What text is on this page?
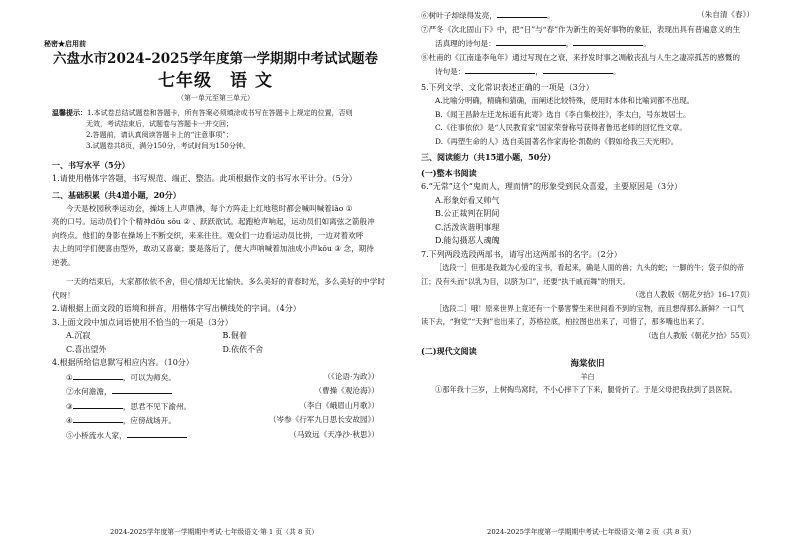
秘密★启用前
六盘水市2024–2025学年度第一学期期中考试试题卷
七年级　语 文
（第一单元至第三单元）
温馨提示：1.本试卷总结试题卷和答题卡，所有答案必须填涂或书写在答题卡上规定的位置，否则
无效，考试结束后，试题卷与答题卡一并交回；
2.答题前，请认真阅读答题卡上的“注意事项”；
3.试题卷共8页，满分150分，考试时间为150分钟。
一、书写水平（5分）
1.请使用楷体字答题，书写规范、端正、整洁。此项根据作文的书写水平计分。（5分）
二、基础积累（共4道小题，20分）
今天是校园秋季运动会，操场上人声鼎沸，每个方阵走上红地毯时都会喊叫喊着lǎo ①
亮的口号。运动员们个个精神dǒu sǒu ② 、跃跃欲试。起跑枪声响起，运动员们如离弦之箭般冲
向终点。他们的身影在操场上不断交织，来来往往。观众们一边看运动员比拼，一边对着欢呼
去上的同学们便喜由型外，敢动又喜豪；要是落后了，便大声呐喊着加油成小声kǒu ③ 念，期待
逆袭。
一天的结束后，大家都依依不舍，但心情却无比愉快。多么美好的青春时光，多么美好的中学时
代呀！
2.请根据上面文段的语境和拼音，用楷体字写出横线处的字词。（4分）
3.上面文段中加点词语使用不恰当的一项是（3分）
A.沉寂	B.倔着
C.喜出望外	D.依依不舍
4.根据所给信息默写相应内容。（10分）
①	，可以为师矣。	（《论语·为政》）
②水何澹澹，	（曹操《观沧海》）
③	，思君不见下渝州。	（李白《峨眉山月歌》）
④	，应傍战场开。	（岑参《行军九日思长安故园》）
⑤小桥流水人家，	（马致远《天净沙·秋思》）
2024-2025学年度第一学期期中考试·七年级语文·第 1 页（共 8 页）
⑥树叶子却绿得发亮，	。	（朱自清《春》）
⑦严冬《次北固山下》中，把“日”与“春”作为新生的美好事物的象征，表现出具有普遍意义的生
活真理的诗句是：	，	。
⑧杜甫的《江南逢李龟年》通过写现在之衰，来抒发时事之凋敝丧乱与人生之凄凉孤苦的感慨的
诗句是：	，	。
5.下列文学、文化常识表述正确的一项是（3分）
A.比喻分明确，精确和猜确，而阐述比较特殊，使用时本体和比喻词都不出现。
B.《闻王昌龄左迁龙标遥有此寄》选自《李白集校注》，李太白，号东坡居士。
C.《往事依依》是“人民教育家”国家荣誉称号获得者鲁迅老师的回忆性文章。
D.《再塑生命的人》选自美国著名作家海伦·凯勒的《假如给我三天光明》。
三、阅读能力（共15道小题，50分）
(一)整本书阅读
6.“无常”这个“鬼而人，理而情”的形象受到民众喜爱，主要原因是（3分）
A.形象好看又帅气
B.公正裁判在阴间
C.活泼诙谐明事理
D.能勾摄恶人魂魄
7.下列两段选段两部书，请写出这两部书的名字。（2分）
［选段一］但那是我最为心爱的宝书，看起来，确是人面的兽；九头的蛇；一脚的牛；袋子似的帝
江；没有头而“以乳为目，以脐为口”，还要“执干戚而舞”的刑天。
（选自人教版《朝花夕拾》16–17页）
［选段二］哦！原来世界上竟还有一个暴害警生来世间看不到的宝物，而且想得那么新鲜？一口气
读下去，“狗党”“天狗”也出来了，苏格拉底，柏拉图也出来了，可惜了，那多嘴也出来了。
（选自人教版《朝花夕拾》55页）
(二)现代文阅读
海棠依旧
羊白
①那年我十三岁，上树掏鸟窝时，不小心摔下了下来，腿骨折了。于是父母把我扶到了县医院。
2024-2025学年度第一学期期中考试·七年级语文·第 2 页（共 8 页）
